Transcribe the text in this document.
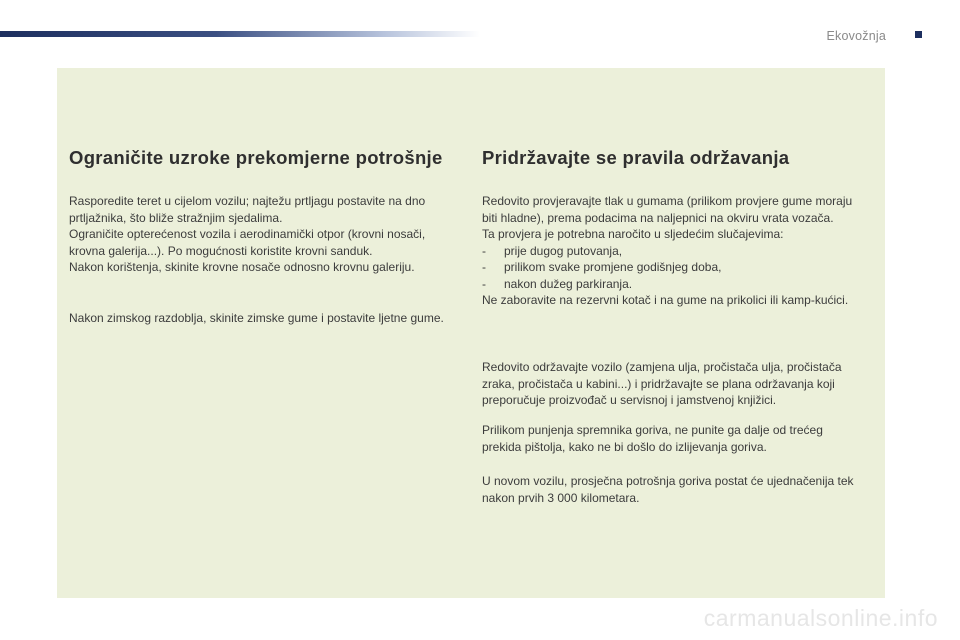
Ekovožnja
Ograničite uzroke prekomjerne potrošnje
Rasporedite teret u cijelom vozilu; najtežu prtljagu postavite na dno
prtljažnika, što bliže stražnjim sjedalima.
Ograničite opterećenost vozila i aerodinamički otpor (krovni nosači,
krovna galerija...). Po mogućnosti koristite krovni sanduk.
Nakon korištenja, skinite krovne nosače odnosno krovnu galeriju.
Nakon zimskog razdoblja, skinite zimske gume i postavite ljetne gume.
Pridržavajte se pravila održavanja
Redovito provjeravajte tlak u gumama (prilikom provjere gume moraju
biti hladne), prema podacima na naljepnici na okviru vrata vozača.
Ta provjera je potrebna naročito u sljedećim slučajevima:
- prije dugog putovanja,
- prilikom svake promjene godišnjeg doba,
- nakon dužeg parkiranja.
Ne zaboravite na rezervni kotač i na gume na prikolici ili kamp-kućici.
Redovito održavajte vozilo (zamjena ulja, pročistača ulja, pročistača
zraka, pročistača u kabini...) i pridržavajte se plana održavanja koji
preporučuje proizvođač u servisnoj i jamstvenoj knjižici.
Prilikom punjenja spremnika goriva, ne punite ga dalje od trećeg
prekida pištolja, kako ne bi došlo do izlijevanja goriva.
U novom vozilu, prosječna potrošnja goriva postat će ujednačenija tek
nakon prvih 3 000 kilometara.
carmanualsonline.info
